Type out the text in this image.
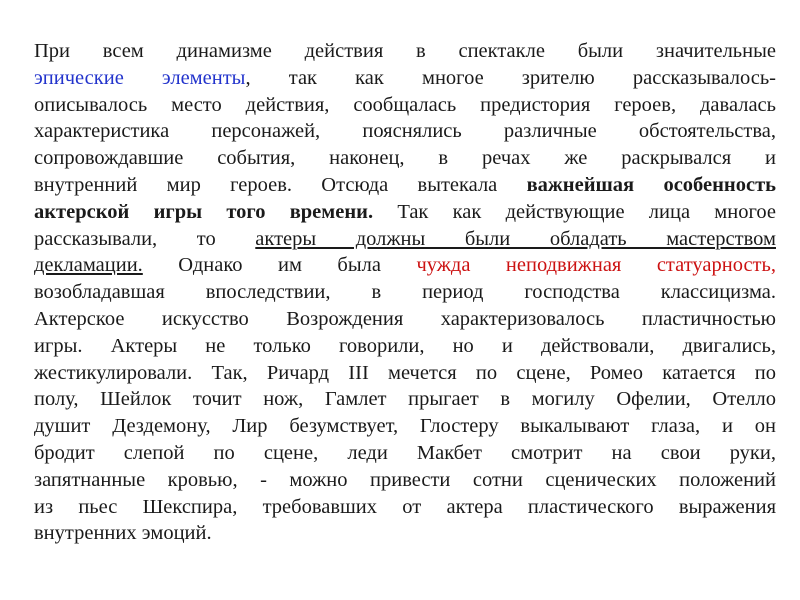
При всем динамизме действия в спектакле были значительные
эпические элементы, так как многое зрителю рассказывалось-
описывалось место действия, сообщалась предистория героев, давалась
характеристика персонажей, пояснялись различные обстоятельства,
сопровождавшие события, наконец, в речах же раскрывался и
внутренний мир героев. Отсюда вытекала важнейшая особенность
актерской игры того времени. Так как действующие лица многое
рассказывали, то актеры должны были обладать мастерством
декламации. Однако им была чужда неподвижная статуарность,
возобладавшая впоследствии, в период господства классицизма.
Актерское искусство Возрождения характеризовалось пластичностью
игры. Актеры не только говорили, но и действовали, двигались,
жестикулировали. Так, Ричард III мечется по сцене, Ромео катается по
полу, Шейлок точит нож, Гамлет прыгает в могилу Офелии, Отелло
душит Дездемону, Лир безумствует, Глостеру выкалывают глаза, и он
бродит слепой по сцене, леди Макбет смотрит на свои руки,
запятнанные кровью, - можно привести сотни сценических положений
из пьес Шекспира, требовавших от актера пластического выражения
внутренних эмоций.
